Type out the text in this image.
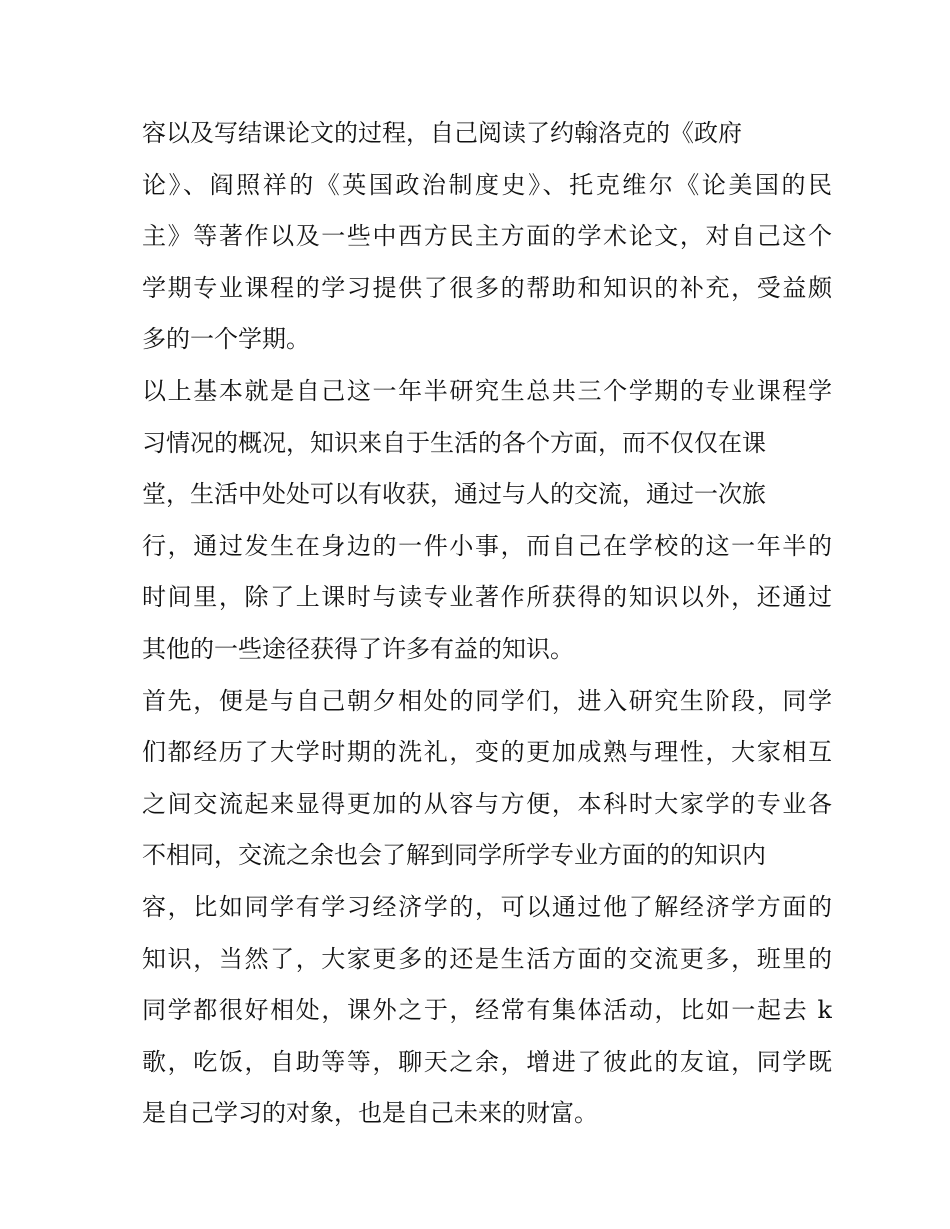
容以及写结课论文的过程，自己阅读了约翰洛克的《政府
论》、阎照祥的《英国政治制度史》、托克维尔《论美国的民
主》等著作以及一些中西方民主方面的学术论文，对自己这个
学期专业课程的学习提供了很多的帮助和知识的补充，受益颇
多的一个学期。
以上基本就是自己这一年半研究生总共三个学期的专业课程学
习情况的概况，知识来自于生活的各个方面，而不仅仅在课
堂，生活中处处可以有收获，通过与人的交流，通过一次旅
行，通过发生在身边的一件小事，而自己在学校的这一年半的
时间里，除了上课时与读专业著作所获得的知识以外，还通过
其他的一些途径获得了许多有益的知识。
首先，便是与自己朝夕相处的同学们，进入研究生阶段，同学
们都经历了大学时期的洗礼，变的更加成熟与理性，大家相互
之间交流起来显得更加的从容与方便，本科时大家学的专业各
不相同，交流之余也会了解到同学所学专业方面的的知识内
容，比如同学有学习经济学的，可以通过他了解经济学方面的
知识，当然了，大家更多的还是生活方面的交流更多，班里的
同学都很好相处，课外之于，经常有集体活动，比如一起去 k
歌，吃饭，自助等等，聊天之余，增进了彼此的友谊，同学既
是自己学习的对象，也是自己未来的财富。
